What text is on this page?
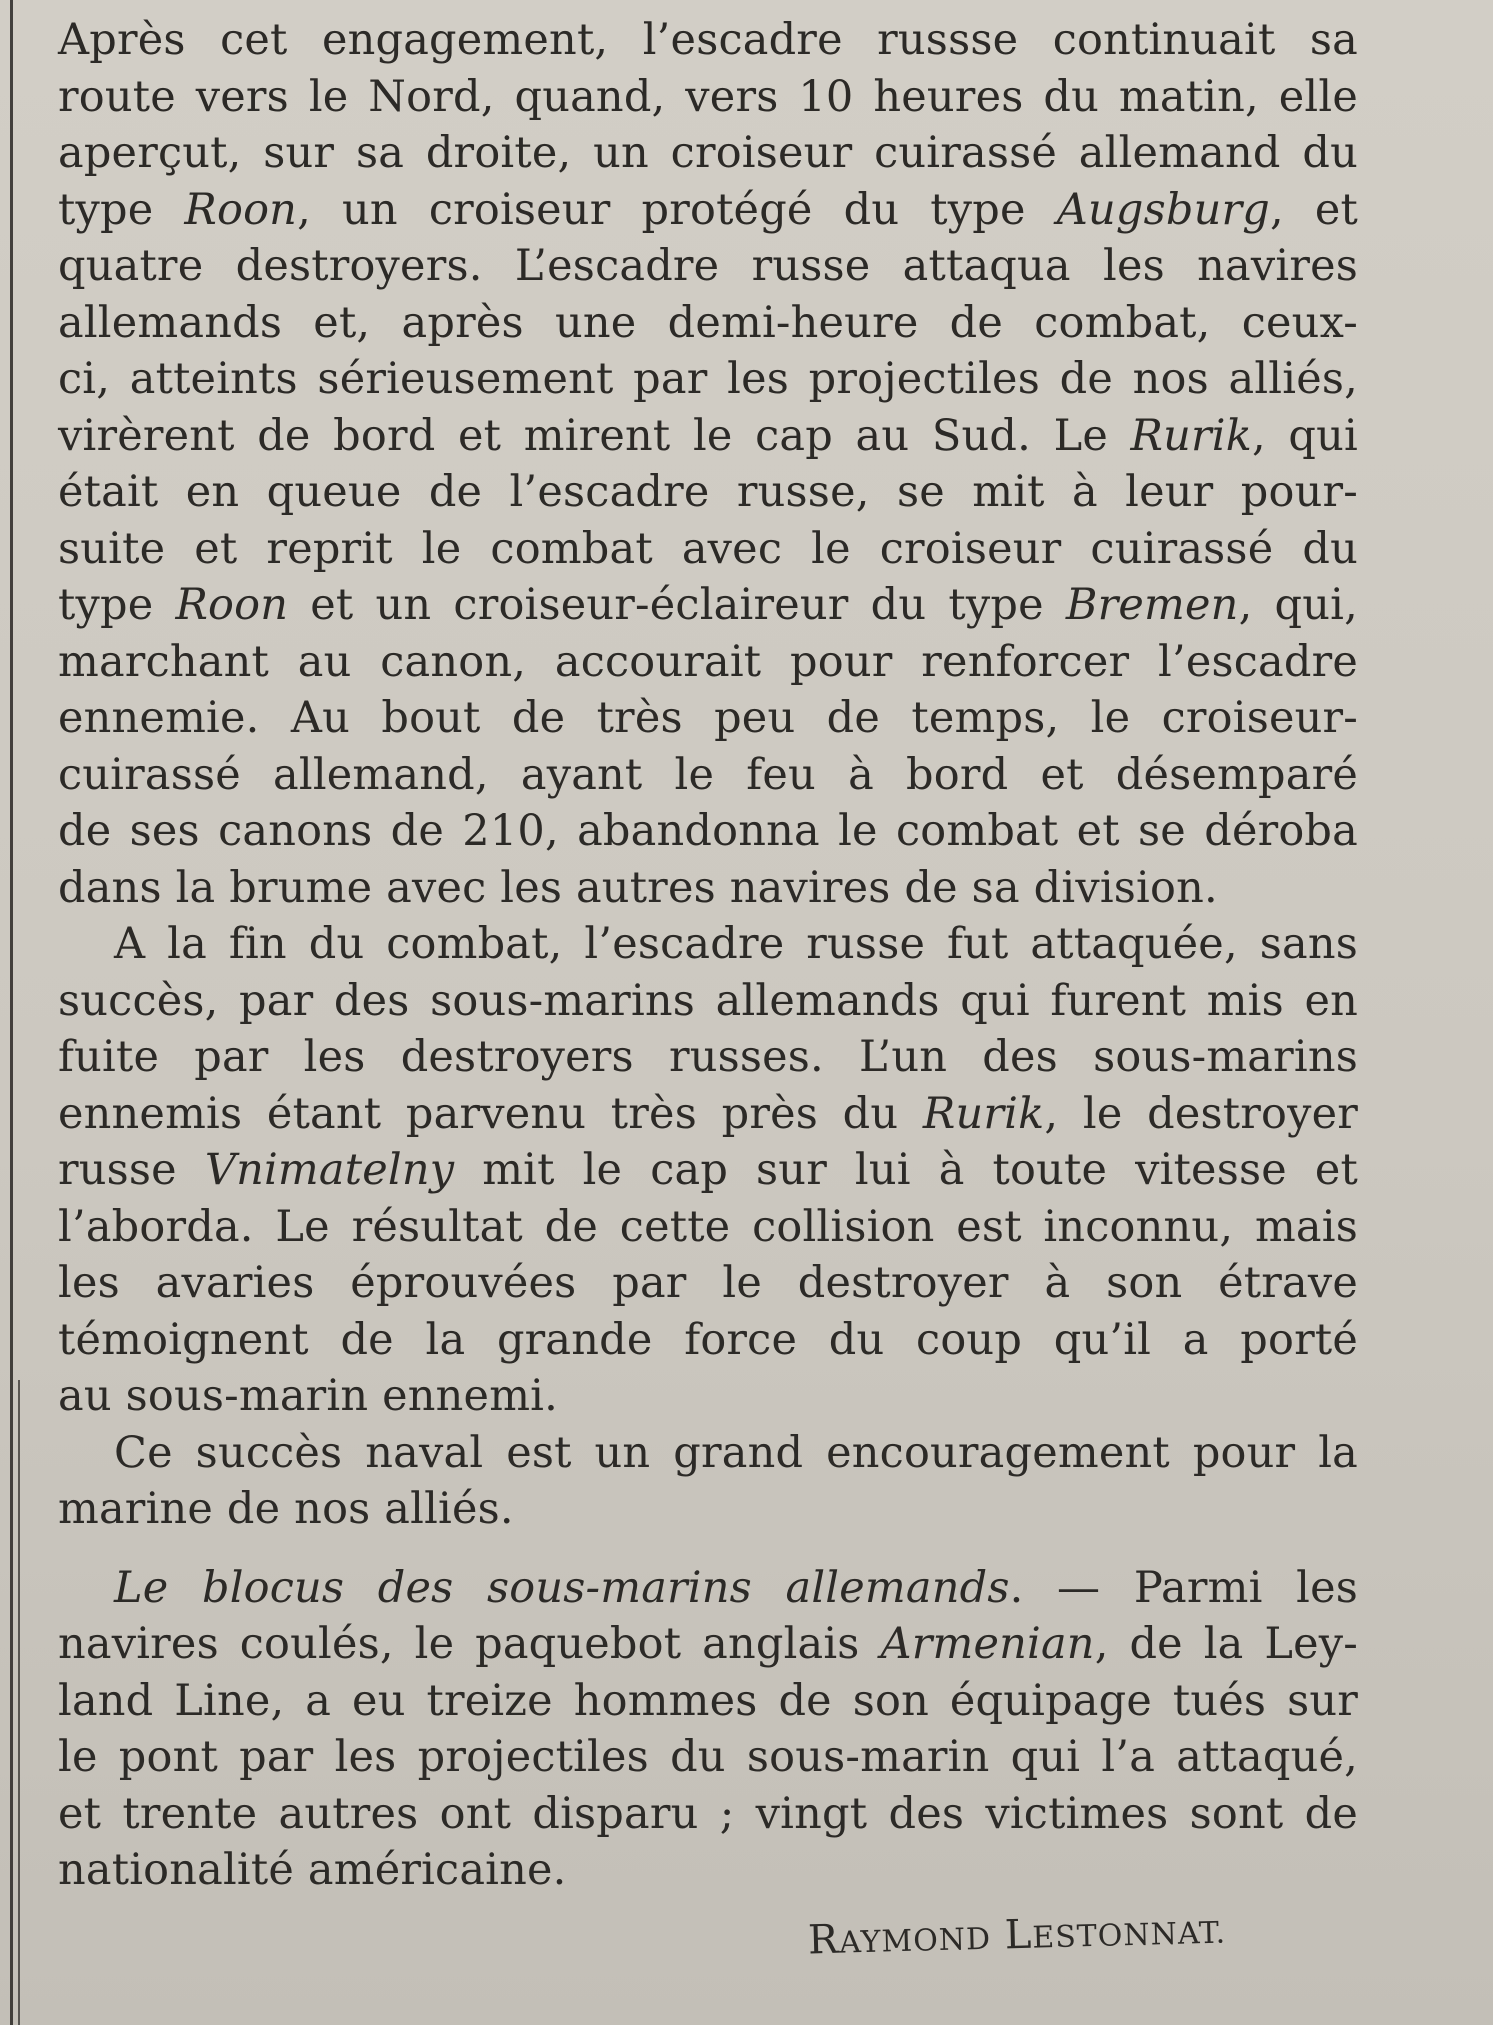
Après cet engagement, l’escadre russse continuait sa
route vers le Nord, quand, vers 10 heures du matin, elle
aperçut, sur sa droite, un croiseur cuirassé allemand du
type Roon, un croiseur protégé du type Augsburg, et
quatre destroyers. L’escadre russe attaqua les navires
allemands et, après une demi-heure de combat, ceux-
ci, atteints sérieusement par les projectiles de nos alliés,
virèrent de bord et mirent le cap au Sud. Le Rurik, qui
était en queue de l’escadre russe, se mit à leur pour-
suite et reprit le combat avec le croiseur cuirassé du
type Roon et un croiseur-éclaireur du type Bremen, qui,
marchant au canon, accourait pour renforcer l’escadre
ennemie. Au bout de très peu de temps, le croiseur-
cuirassé allemand, ayant le feu à bord et désemparé
de ses canons de 210, abandonna le combat et se déroba
dans la brume avec les autres navires de sa division.
A la fin du combat, l’escadre russe fut attaquée, sans
succès, par des sous-marins allemands qui furent mis en
fuite par les destroyers russes. L’un des sous-marins
ennemis étant parvenu très près du Rurik, le destroyer
russe Vnimatelny mit le cap sur lui à toute vitesse et
l’aborda. Le résultat de cette collision est inconnu, mais
les avaries éprouvées par le destroyer à son étrave
témoignent de la grande force du coup qu’il a porté
au sous-marin ennemi.
Ce succès naval est un grand encouragement pour la
marine de nos alliés.
Le blocus des sous-marins allemands. — Parmi les
navires coulés, le paquebot anglais Armenian, de la Ley-
land Line, a eu treize hommes de son équipage tués sur
le pont par les projectiles du sous-marin qui l’a attaqué,
et trente autres ont disparu ; vingt des victimes sont de
nationalité américaine.
RAYMOND LESTONNAT.
